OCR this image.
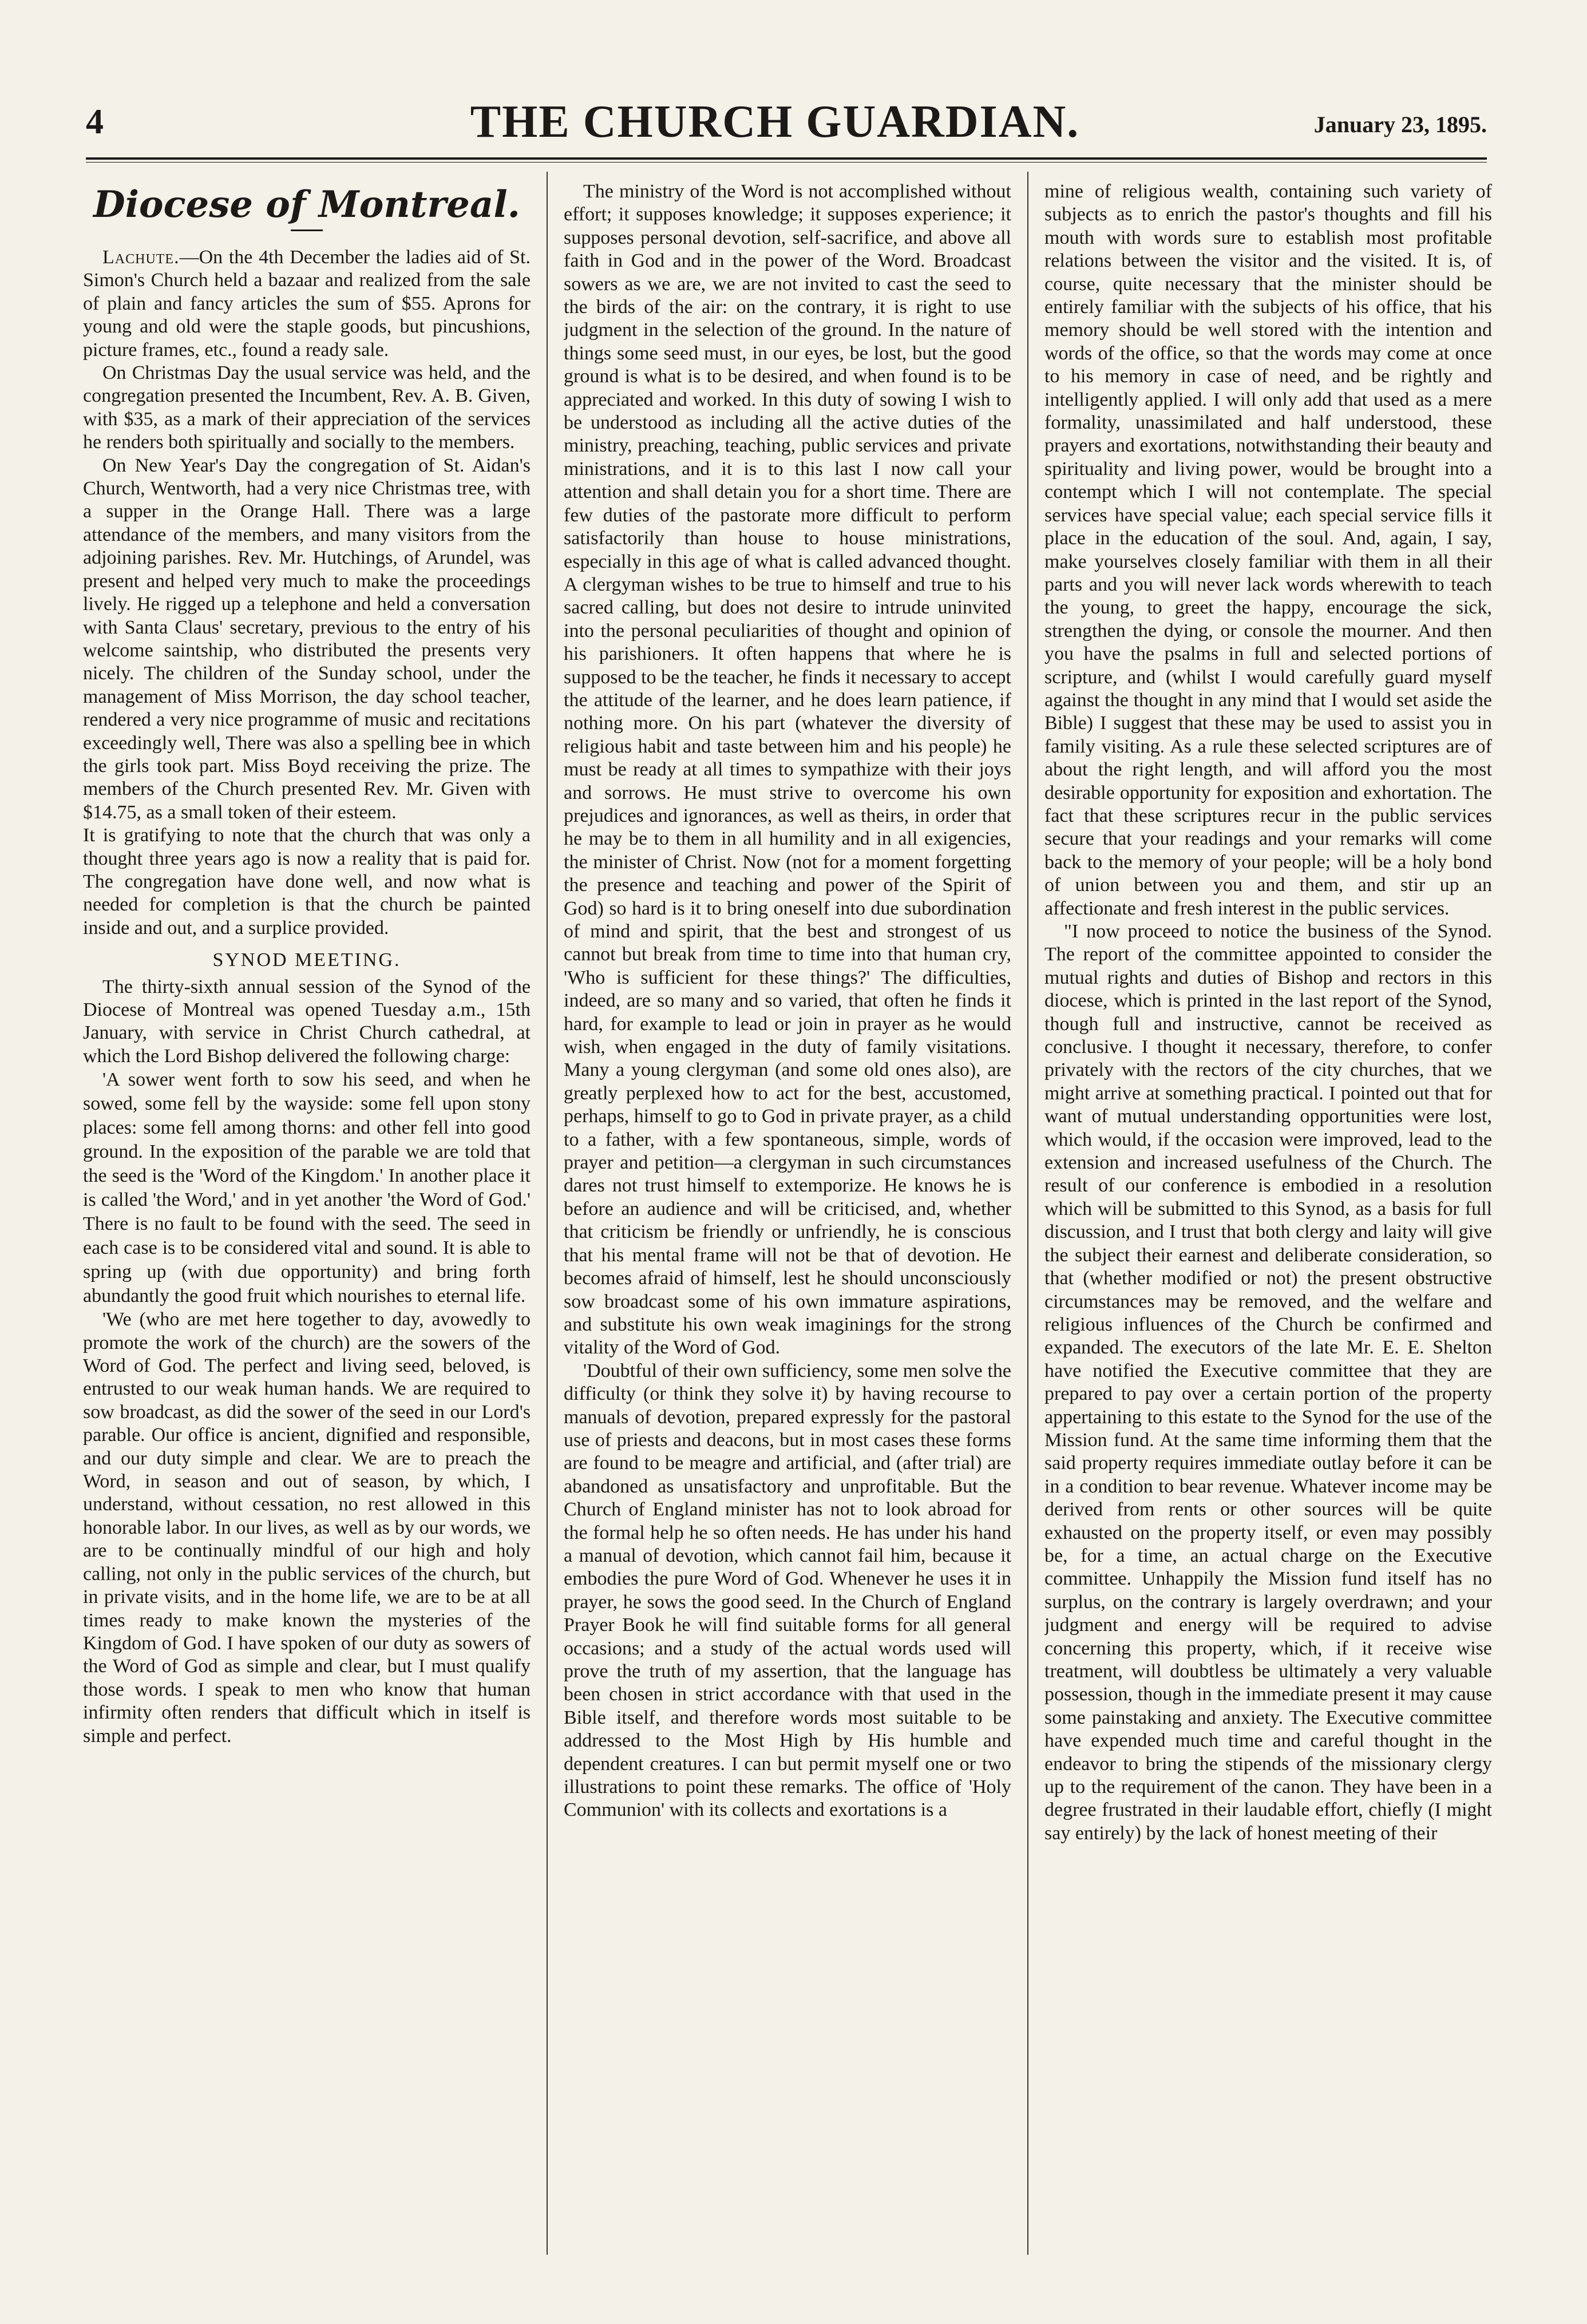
4	THE CHURCH GUARDIAN.	January 23, 1895.
Diocese of Montreal.

Lachute.—On the 4th December the ladies aid of St. Simon's Church held a bazaar and realized from the sale of plain and fancy articles the sum of $55. Aprons for young and old were the staple goods, but pincushions, picture frames, etc., found a ready sale.

On Christmas Day the usual service was held, and the congregation presented the Incumbent, Rev. A. B. Given, with $35, as a mark of their appreciation of the services he renders both spiritually and socially to the members.

On New Year's Day the congregation of St. Aidan's Church, Wentworth, had a very nice Christmas tree, with a supper in the Orange Hall. There was a large attendance of the members, and many visitors from the adjoining parishes. Rev. Mr. Hutchings, of Arundel, was present and helped very much to make the proceedings lively. He rigged up a telephone and held a conversation with Santa Claus' secretary, previous to the entry of his welcome saintship, who distributed the presents very nicely. The children of the Sunday school, under the management of Miss Morrison, the day school teacher, rendered a very nice programme of music and recitations exceedingly well, There was also a spelling bee in which the girls took part. Miss Boyd receiving the prize. The members of the Church presented Rev. Mr. Given with $14.75, as a small token of their esteem.

It is gratifying to note that the church that was only a thought three years ago is now a reality that is paid for. The congregation have done well, and now what is needed for completion is that the church be painted inside and out, and a surplice provided.

SYNOD MEETING.

The thirty-sixth annual session of the Synod of the Diocese of Montreal was opened Tuesday a.m., 15th January, with service in Christ Church cathedral, at which the Lord Bishop delivered the following charge:

'A sower went forth to sow his seed, and when he sowed, some fell by the wayside: some fell upon stony places: some fell among thorns: and other fell into good ground. In the exposition of the parable we are told that the seed is the 'Word of the Kingdom.' In another place it is called 'the Word,' and in yet another 'the Word of God.' There is no fault to be found with the seed. The seed in each case is to be considered vital and sound. It is able to spring up (with due opportunity) and bring forth abundantly the good fruit which nourishes to eternal life.

'We (who are met here together to day, avowedly to promote the work of the church) are the sowers of the Word of God. The perfect and living seed, beloved, is entrusted to our weak human hands. We are required to sow broadcast, as did the sower of the seed in our Lord's parable. Our office is ancient, dignified and responsible, and our duty simple and clear. We are to preach the Word, in season and out of season, by which, I understand, without cessation, no rest allowed in this honorable labor. In our lives, as well as by our words, we are to be continually mindful of our high and holy calling, not only in the public services of the church, but in private visits, and in the home life, we are to be at all times ready to make known the mysteries of the Kingdom of God. I have spoken of our duty as sowers of the Word of God as simple and clear, but I must qualify those words. I speak to men who know that human infirmity often renders that difficult which in itself is simple and perfect.

The ministry of the Word is not accomplished without effort; it supposes knowledge; it supposes experience; it supposes personal devotion, self-sacrifice, and above all faith in God and in the power of the Word. Broadcast sowers as we are, we are not invited to cast the seed to the birds of the air: on the contrary, it is right to use judgment in the selection of the ground. In the nature of things some seed must, in our eyes, be lost, but the good ground is what is to be desired, and when found is to be appreciated and worked. In this duty of sowing I wish to be understood as including all the active duties of the ministry, preaching, teaching, public services and private ministrations, and it is to this last I now call your attention and shall detain you for a short time. There are few duties of the pastorate more difficult to perform satisfactorily than house to house ministrations, especially in this age of what is called advanced thought. A clergyman wishes to be true to himself and true to his sacred calling, but does not desire to intrude uninvited into the personal peculiarities of thought and opinion of his parishioners. It often happens that where he is supposed to be the teacher, he finds it necessary to accept the attitude of the learner, and he does learn patience, if nothing more. On his part (whatever the diversity of religious habit and taste between him and his people) he must be ready at all times to sympathize with their joys and sorrows. He must strive to overcome his own prejudices and ignorances, as well as theirs, in order that he may be to them in all humility and in all exigencies, the minister of Christ. Now (not for a moment forgetting the presence and teaching and power of the Spirit of God) so hard is it to bring oneself into due subordination of mind and spirit, that the best and strongest of us cannot but break from time to time into that human cry, 'Who is sufficient for these things?' The difficulties, indeed, are so many and so varied, that often he finds it hard, for example to lead or join in prayer as he would wish, when engaged in the duty of family visitations. Many a young clergyman (and some old ones also), are greatly perplexed how to act for the best, accustomed, perhaps, himself to go to God in private prayer, as a child to a father, with a few spontaneous, simple, words of prayer and petition—a clergyman in such circumstances dares not trust himself to extemporize. He knows he is before an audience and will be criticised, and, whether that criticism be friendly or unfriendly, he is conscious that his mental frame will not be that of devotion. He becomes afraid of himself, lest he should unconsciously sow broadcast some of his own immature aspirations, and substitute his own weak imaginings for the strong vitality of the Word of God.

'Doubtful of their own sufficiency, some men solve the difficulty (or think they solve it) by having recourse to manuals of devotion, prepared expressly for the pastoral use of priests and deacons, but in most cases these forms are found to be meagre and artificial, and (after trial) are abandoned as unsatisfactory and unprofitable. But the Church of England minister has not to look abroad for the formal help he so often needs. He has under his hand a manual of devotion, which cannot fail him, because it embodies the pure Word of God. Whenever he uses it in prayer, he sows the good seed. In the Church of England Prayer Book he will find suitable forms for all general occasions; and a study of the actual words used will prove the truth of my assertion, that the language has been chosen in strict accordance with that used in the Bible itself, and therefore words most suitable to be addressed to the Most High by His humble and dependent creatures. I can but permit myself one or two illustrations to point these remarks. The office of 'Holy Communion' with its collects and exortations is a

mine of religious wealth, containing such variety of subjects as to enrich the pastor's thoughts and fill his mouth with words sure to establish most profitable relations between the visitor and the visited. It is, of course, quite necessary that the minister should be entirely familiar with the subjects of his office, that his memory should be well stored with the intention and words of the office, so that the words may come at once to his memory in case of need, and be rightly and intelligently applied. I will only add that used as a mere formality, unassimilated and half understood, these prayers and exortations, notwithstanding their beauty and spirituality and living power, would be brought into a contempt which I will not contemplate. The special services have special value; each special service fills it place in the education of the soul. And, again, I say, make yourselves closely familiar with them in all their parts and you will never lack words wherewith to teach the young, to greet the happy, encourage the sick, strengthen the dying, or console the mourner. And then you have the psalms in full and selected portions of scripture, and (whilst I would carefully guard myself against the thought in any mind that I would set aside the Bible) I suggest that these may be used to assist you in family visiting. As a rule these selected scriptures are of about the right length, and will afford you the most desirable opportunity for exposition and exhortation. The fact that these scriptures recur in the public services secure that your readings and your remarks will come back to the memory of your people; will be a holy bond of union between you and them, and stir up an affectionate and fresh interest in the public services.

"I now proceed to notice the business of the Synod. The report of the committee appointed to consider the mutual rights and duties of Bishop and rectors in this diocese, which is printed in the last report of the Synod, though full and instructive, cannot be received as conclusive. I thought it necessary, therefore, to confer privately with the rectors of the city churches, that we might arrive at something practical. I pointed out that for want of mutual understanding opportunities were lost, which would, if the occasion were improved, lead to the extension and increased usefulness of the Church. The result of our conference is embodied in a resolution which will be submitted to this Synod, as a basis for full discussion, and I trust that both clergy and laity will give the subject their earnest and deliberate consideration, so that (whether modified or not) the present obstructive circumstances may be removed, and the welfare and religious influences of the Church be confirmed and expanded. The executors of the late Mr. E. E. Shelton have notified the Executive committee that they are prepared to pay over a certain portion of the property appertaining to this estate to the Synod for the use of the Mission fund. At the same time informing them that the said property requires immediate outlay before it can be in a condition to bear revenue. Whatever income may be derived from rents or other sources will be quite exhausted on the property itself, or even may possibly be, for a time, an actual charge on the Executive committee. Unhappily the Mission fund itself has no surplus, on the contrary is largely overdrawn; and your judgment and energy will be required to advise concerning this property, which, if it receive wise treatment, will doubtless be ultimately a very valuable possession, though in the immediate present it may cause some painstaking and anxiety. The Executive committee have expended much time and careful thought in the endeavor to bring the stipends of the missionary clergy up to the requirement of the canon. They have been in a degree frustrated in their laudable effort, chiefly (I might say entirely) by the lack of honest meeting of their
